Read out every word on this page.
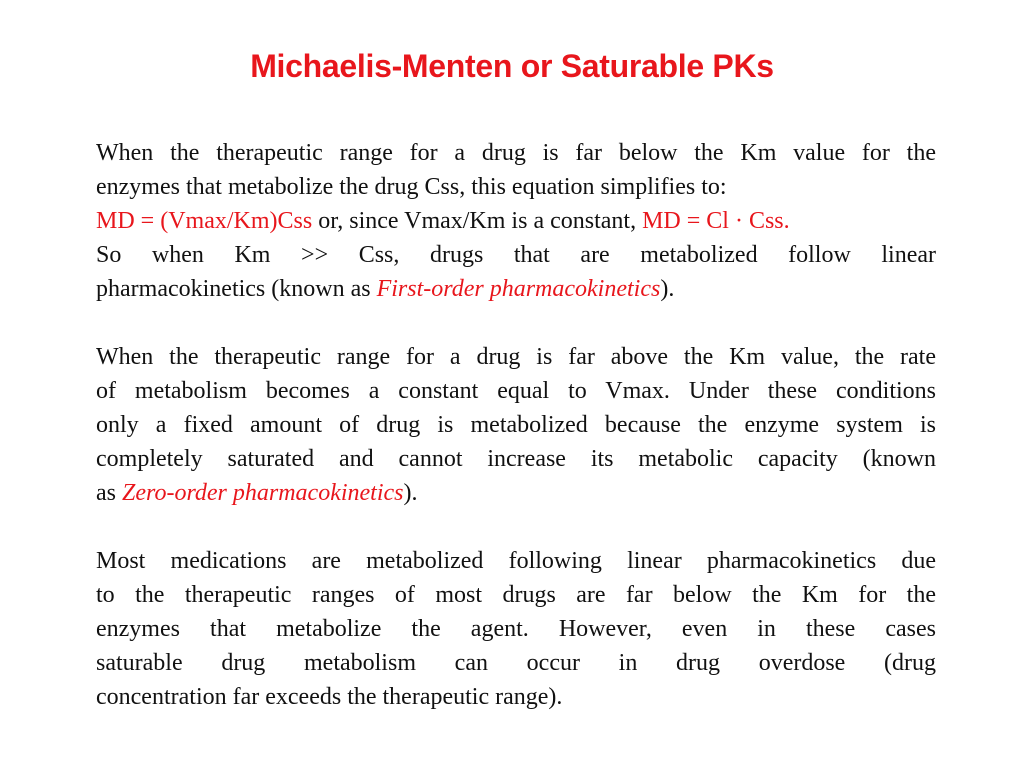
Michaelis-Menten or Saturable PKs
When the therapeutic range for a drug is far below the Km value for the
enzymes that metabolize the drug Css, this equation simplifies to:
MD = (Vmax/Km)Css or, since Vmax/Km is a constant, MD = Cl · Css.
So when Km >> Css, drugs that are metabolized follow linear
pharmacokinetics (known as First-order pharmacokinetics).
When the therapeutic range for a drug is far above the Km value, the rate
of metabolism becomes a constant equal to Vmax. Under these conditions
only a fixed amount of drug is metabolized because the enzyme system is
completely saturated and cannot increase its metabolic capacity (known
as Zero-order pharmacokinetics).
Most medications are metabolized following linear pharmacokinetics due
to the therapeutic ranges of most drugs are far below the Km for the
enzymes that metabolize the agent. However, even in these cases
saturable drug metabolism can occur in drug overdose (drug
concentration far exceeds the therapeutic range).
